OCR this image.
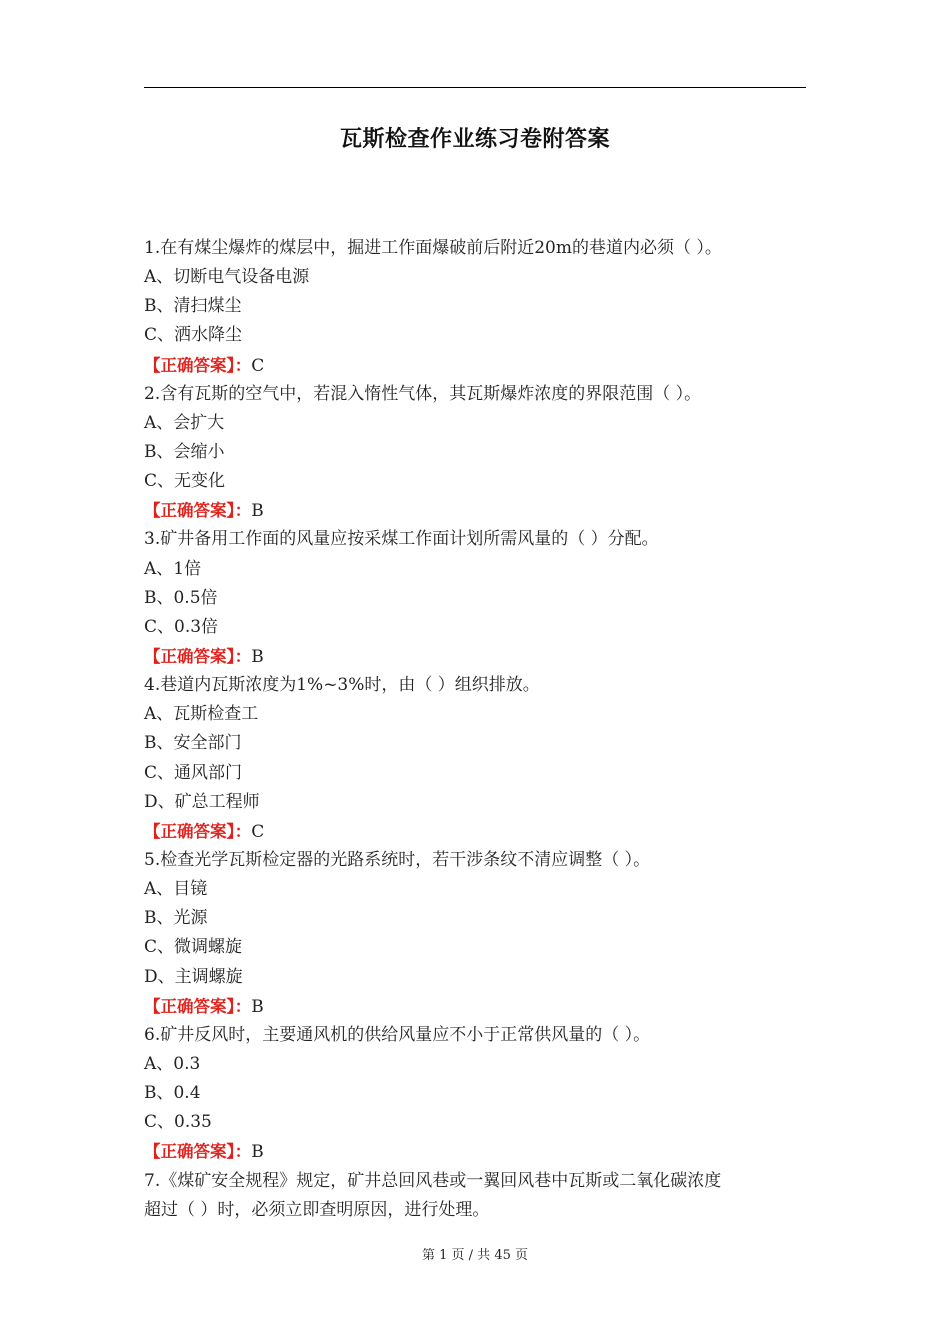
瓦斯检查作业练习卷附答案
1.在有煤尘爆炸的煤层中，掘进工作面爆破前后附近20m的巷道内必须（ ）。
A、切断电气设备电源
B、清扫煤尘
C、洒水降尘
【正确答案】：C
2.含有瓦斯的空气中，若混入惰性气体，其瓦斯爆炸浓度的界限范围（ ）。
A、会扩大
B、会缩小
C、无变化
【正确答案】：B
3.矿井备用工作面的风量应按采煤工作面计划所需风量的（ ）分配。
A、1倍
B、0.5倍
C、0.3倍
【正确答案】：B
4.巷道内瓦斯浓度为1%~3%时，由（ ）组织排放。
A、瓦斯检查工
B、安全部门
C、通风部门
D、矿总工程师
【正确答案】：C
5.检查光学瓦斯检定器的光路系统时，若干涉条纹不清应调整（ ）。
A、目镜
B、光源
C、微调螺旋
D、主调螺旋
【正确答案】：B
6.矿井反风时，主要通风机的供给风量应不小于正常供风量的（ ）。
A、0.3
B、0.4
C、0.35
【正确答案】：B
7.《煤矿安全规程》规定，矿井总回风巷或一翼回风巷中瓦斯或二氧化碳浓度
超过（ ）时，必须立即查明原因，进行处理。
第 1 页 / 共 45 页
